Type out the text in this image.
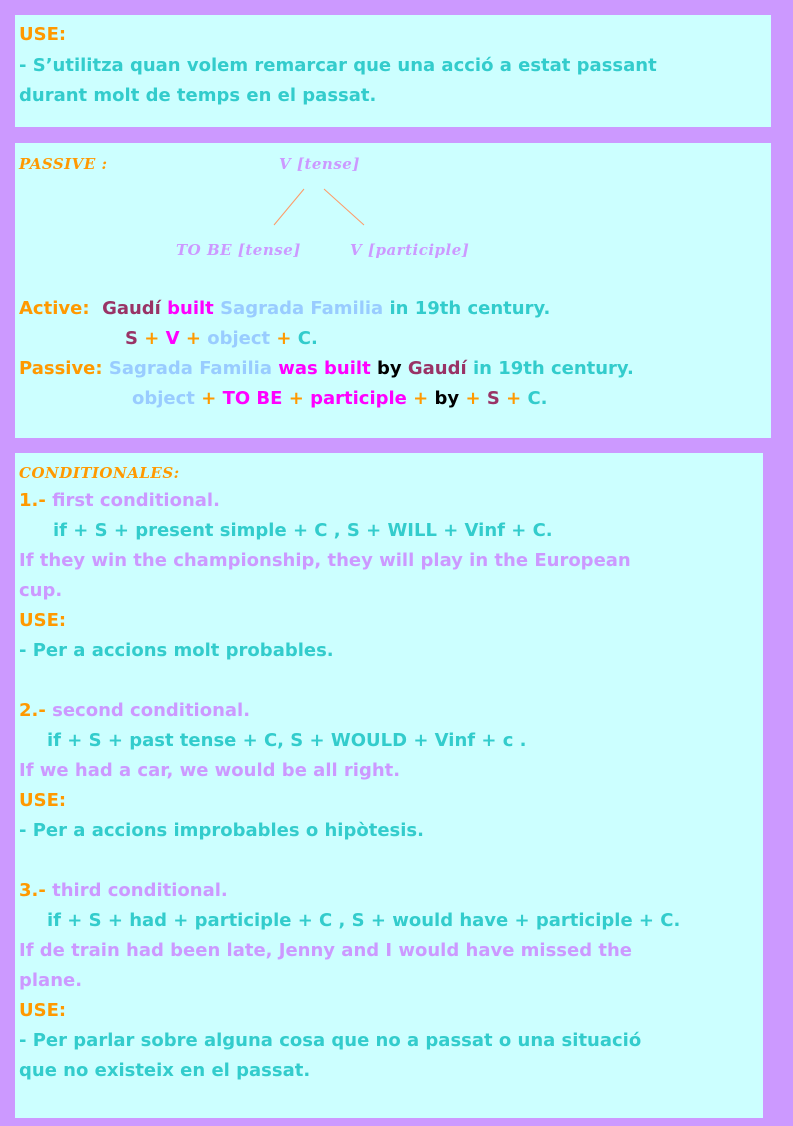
USE:
- S’utilitza quan volem remarcar que una acció a estat passant
durant molt de temps en el passat.
PASSIVE :	V [tense]
TO BE [tense]	V [participle]
Active: Gaudí built Sagrada Familia in 19th century.
S + V + object + C.
Passive: Sagrada Familia was built by Gaudí in 19th century.
object + TO BE + participle + by + S + C.
CONDITIONALES:
1.- first conditional.
if + S + present simple + C , S + WILL + Vinf + C.
If they win the championship, they will play in the European
cup.
USE:
- Per a accions molt probables.
2.- second conditional.
if + S + past tense + C, S + WOULD + Vinf + c .
If we had a car, we would be all right.
USE:
- Per a accions improbables o hipòtesis.
3.- third conditional.
if + S + had + participle + C , S + would have + participle + C.
If de train had been late, Jenny and I would have missed the
plane.
USE:
- Per parlar sobre alguna cosa que no a passat o una situació
que no existeix en el passat.
